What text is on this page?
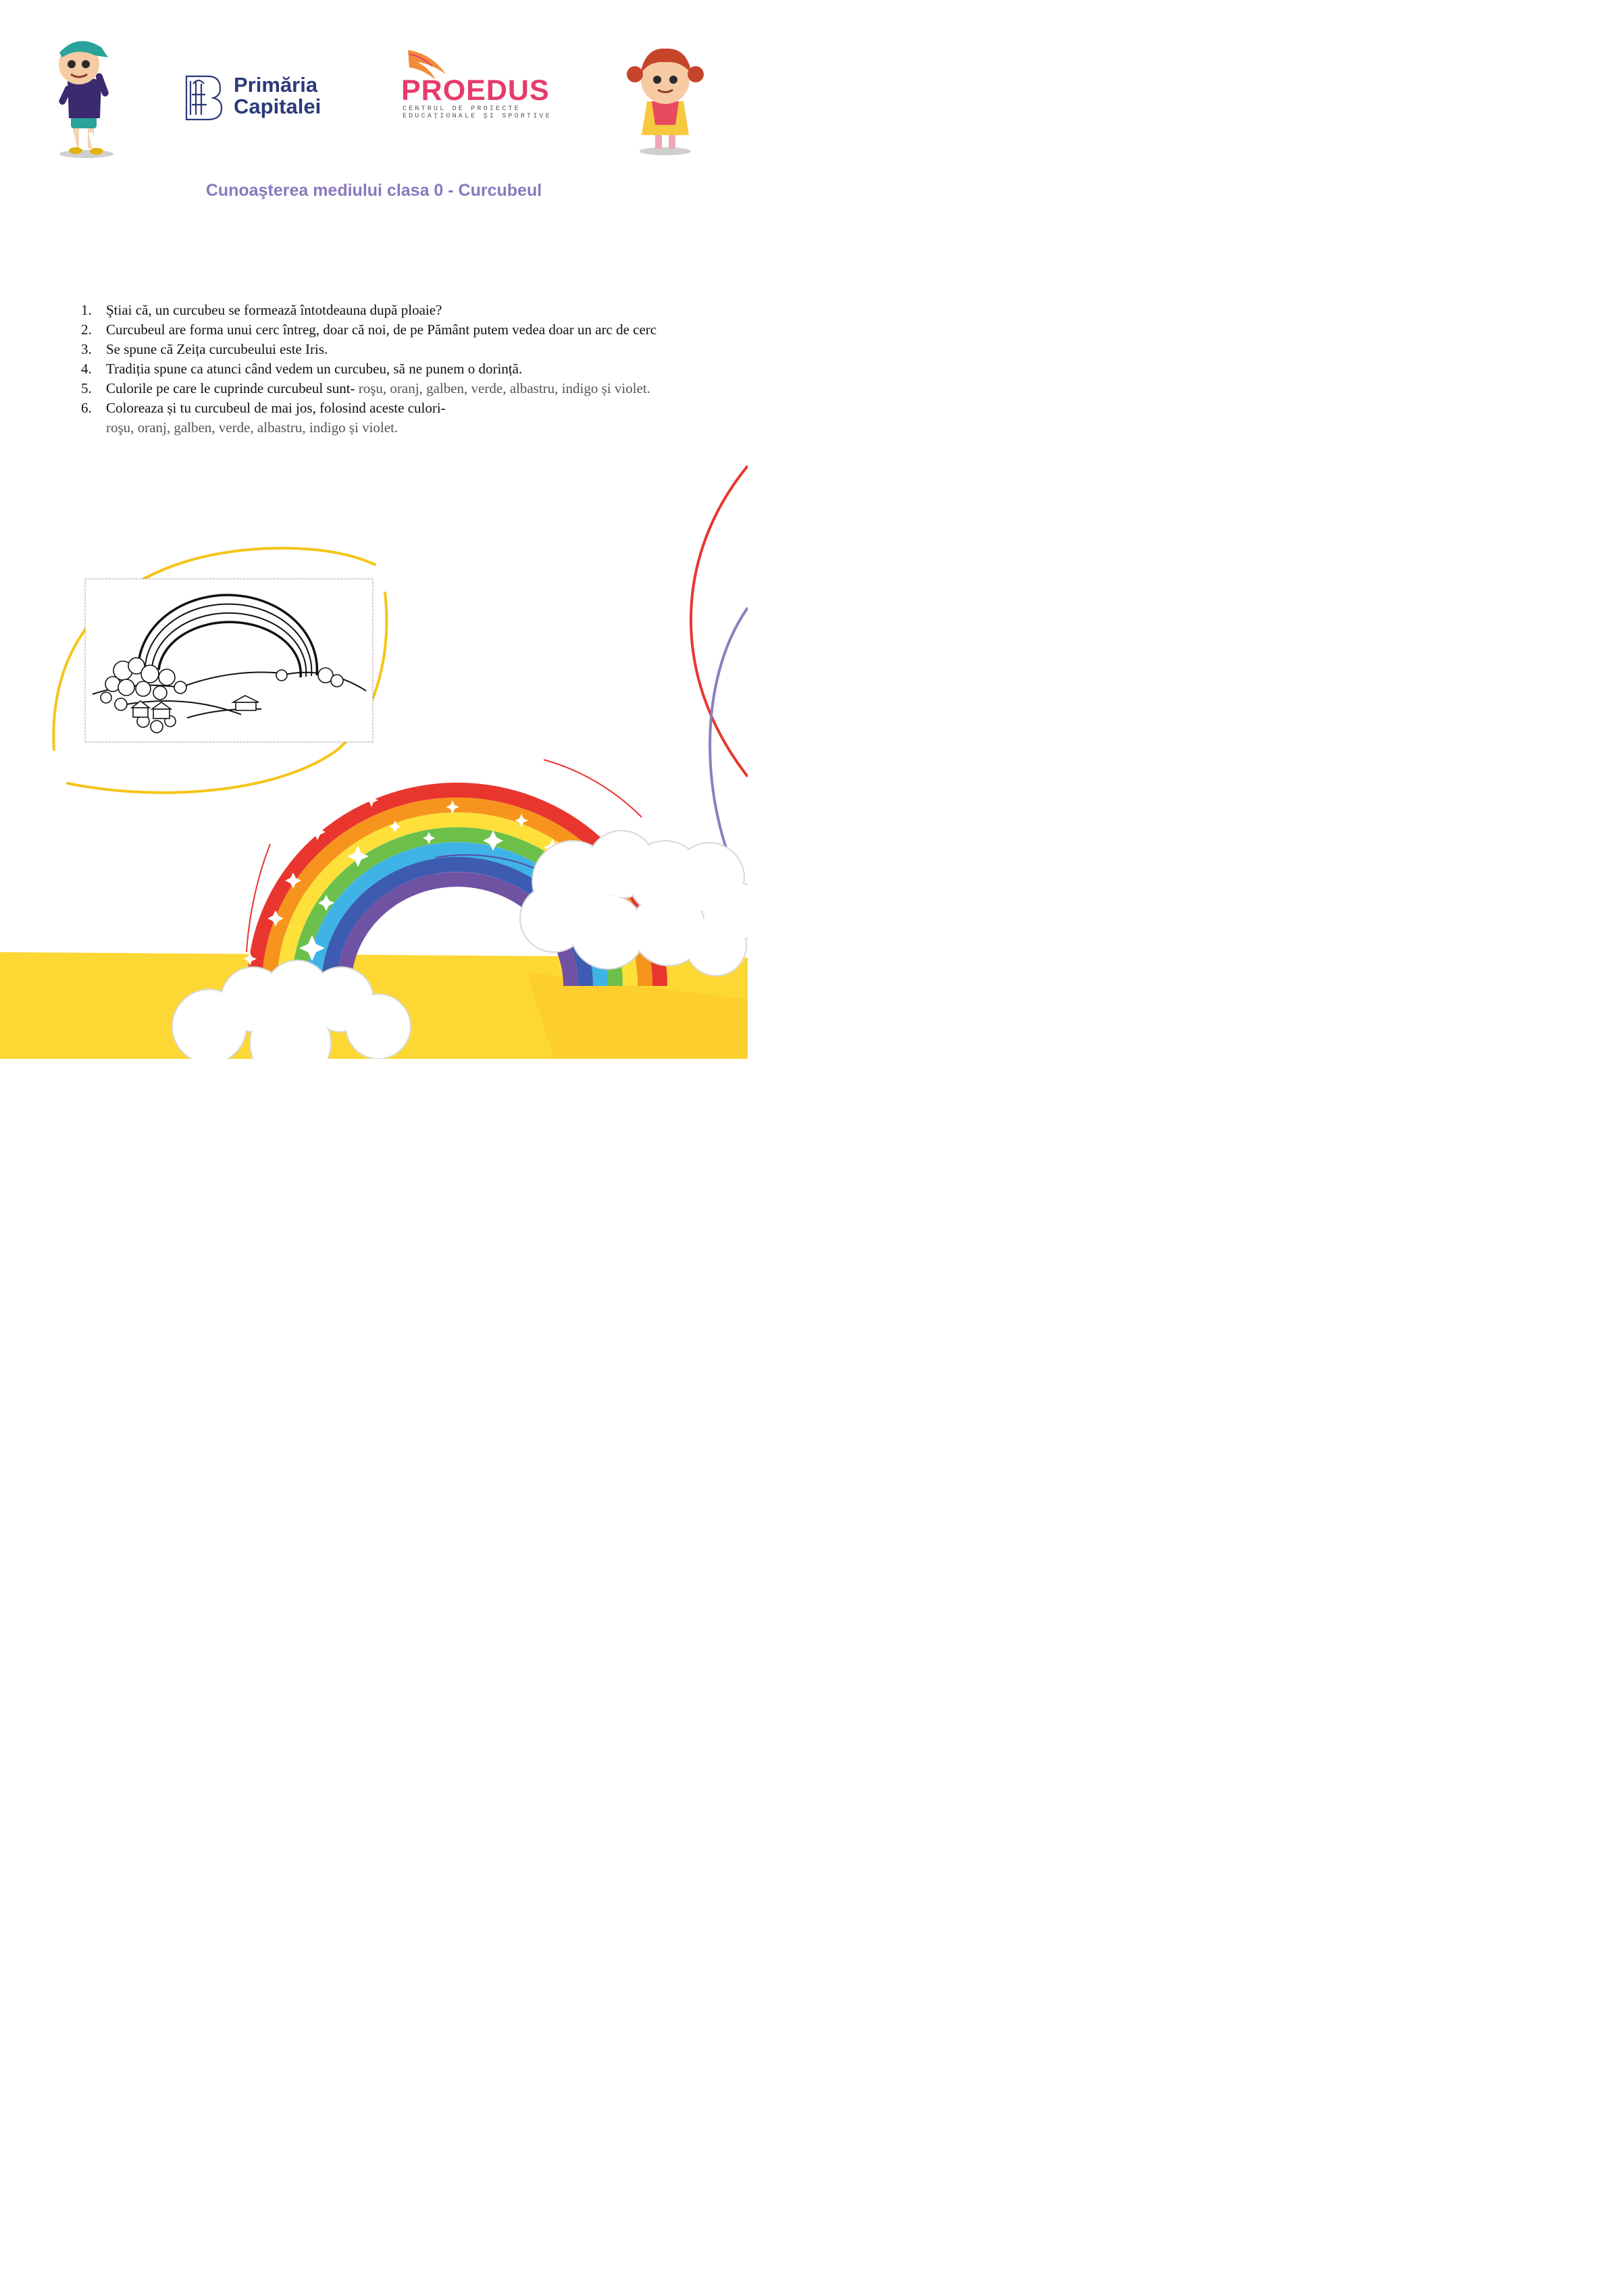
Primăria
Capitalei	PROEDUS
CENTRUL DE PROIECTE
EDUCAȚIONALE ȘI SPORTIVE
Cunoaşterea mediului clasa 0 - Curcubeul
1. Ştiai că, un curcubeu se formează întotdeauna după ploaie?
2. Curcubeul are forma unui cerc întreg, doar că noi, de pe Pământ putem vedea doar un arc de cerc
3. Se spune că Zeița curcubeului este Iris.
4. Tradiția spune ca atunci când vedem un curcubeu, să ne punem o dorință.
5. Culorile pe care le cuprinde curcubeul sunt- roşu, oranj, galben, verde, albastru, indigo și violet.
6. Coloreaza și tu curcubeul de mai jos, folosind aceste culori-
roşu, oranj, galben, verde, albastru, indigo și violet.
